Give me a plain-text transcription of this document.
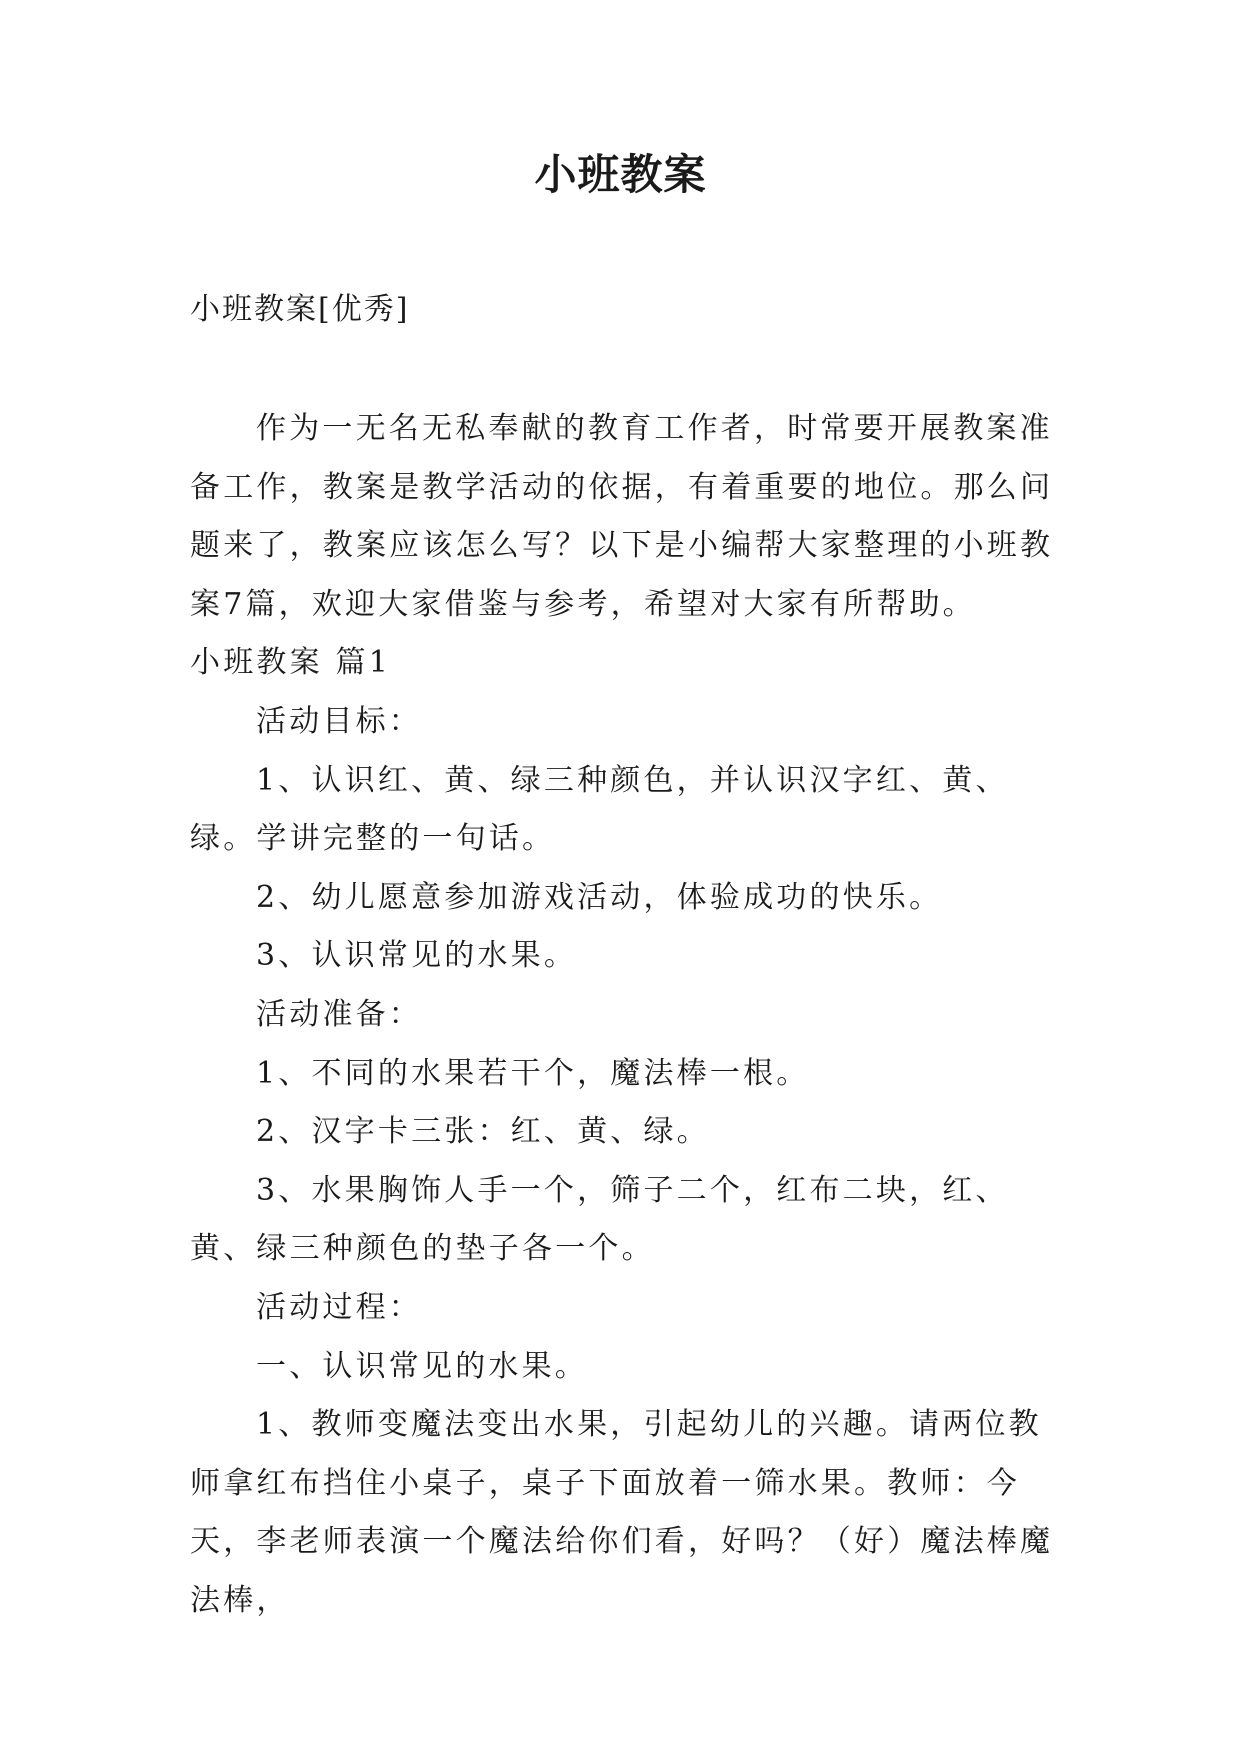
小班教案
小班教案[优秀]

作为一无名无私奉献的教育工作者，时常要开展教案准备工作，教案是教学活动的依据，有着重要的地位。那么问题来了，教案应该怎么写？以下是小编帮大家整理的小班教案7篇，欢迎大家借鉴与参考，希望对大家有所帮助。

小班教案 篇1

活动目标：

1、认识红、黄、绿三种颜色，并认识汉字红、黄、绿。学讲完整的一句话。

2、幼儿愿意参加游戏活动，体验成功的快乐。

3、认识常见的水果。

活动准备：

1、不同的水果若干个，魔法棒一根。

2、汉字卡三张：红、黄、绿。

3、水果胸饰人手一个，筛子二个，红布二块，红、黄、绿三种颜色的垫子各一个。

活动过程：

一、认识常见的水果。

1、教师变魔法变出水果，引起幼儿的兴趣。请两位教师拿红布挡住小桌子，桌子下面放着一筛水果。教师：今天，李老师表演一个魔法给你们看，好吗？（好）魔法棒魔法棒，
